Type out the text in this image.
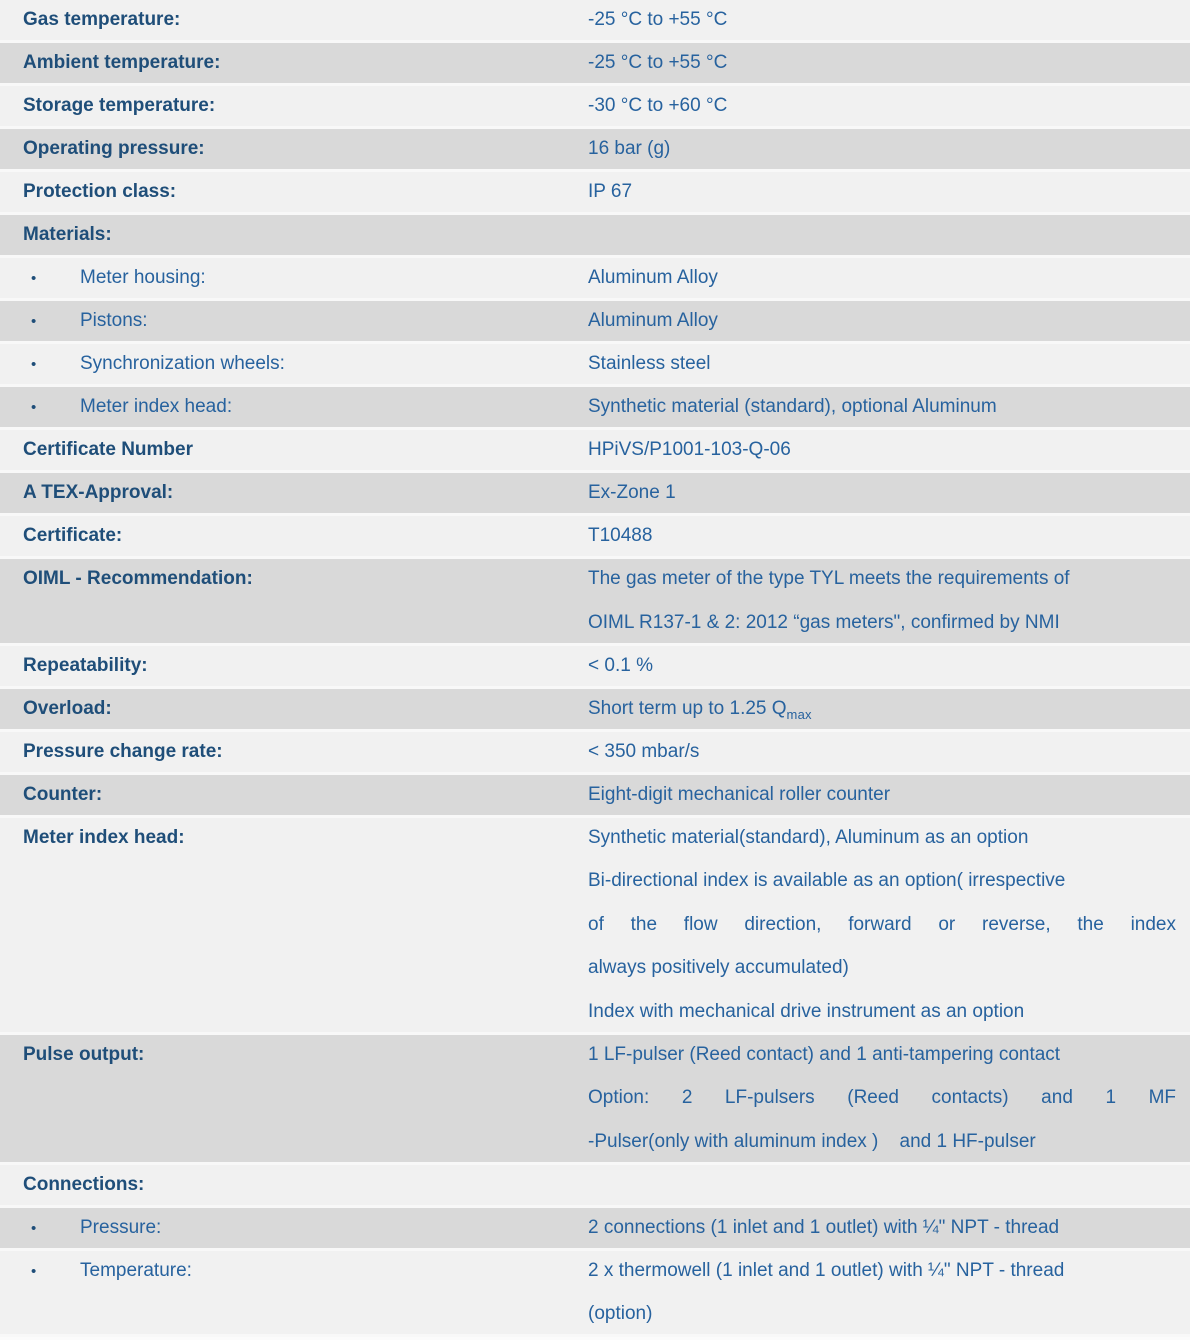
Gas temperature:	-25 °C to +55 °C
Ambient temperature:	-25 °C to +55 °C
Storage temperature:	-30 °C to +60 °C
Operating pressure:	16 bar (g)
Protection class:	IP 67
Materials:
• Meter housing:	Aluminum Alloy
• Pistons:	Aluminum Alloy
• Synchronization wheels:	Stainless steel
• Meter index head:	Synthetic material (standard), optional Aluminum
Certificate Number	HPiVS/P1001-103-Q-06
A TEX-Approval:	Ex-Zone 1
Certificate:	T10488
OIML - Recommendation:	The gas meter of the type TYL meets the requirements of
OIML R137-1 & 2: 2012 “gas meters", confirmed by NMI
Repeatability:	< 0.1 %
Overload:	Short term up to 1.25 $Q_{max}$
Pressure change rate:	< 350 mbar/s
Counter:	Eight-digit mechanical roller counter
Meter index head:	Synthetic material(standard), Aluminum as an option
Bi-directional index is available as an option( irrespective
of the flow direction, forward or reverse, the index
always positively accumulated)
Index with mechanical drive instrument as an option
Pulse output:	1 LF-pulser (Reed contact) and 1 anti-tampering contact
Option: 2 LF-pulsers (Reed contacts) and 1 MF
-Pulser(only with aluminum index )    and 1 HF-pulser
Connections:
• Pressure:	2 connections (1 inlet and 1 outlet) with ¼" NPT - thread
• Temperature:	2 x thermowell (1 inlet and 1 outlet) with ¼" NPT - thread
(option)
